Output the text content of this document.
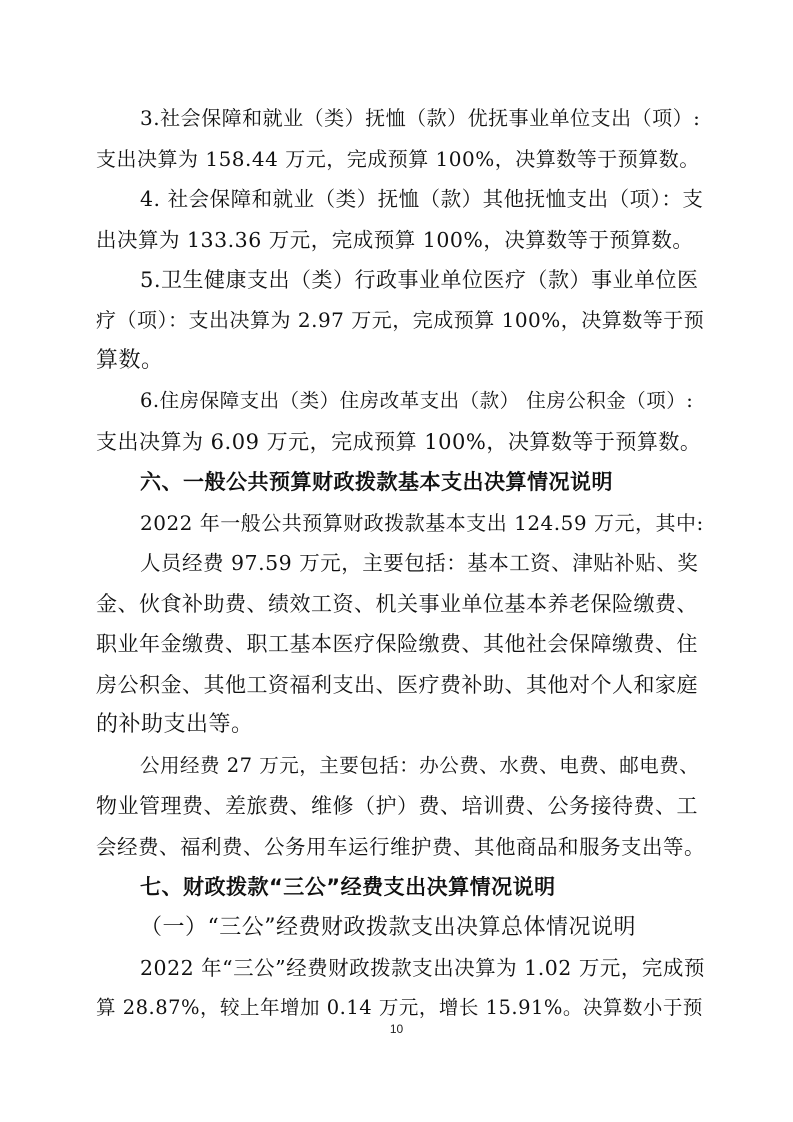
3.社会保障和就业（类）抚恤（款）优抚事业单位支出（项）:
支出决算为 158.44 万元，完成预算 100%，决算数等于预算数。
4. 社会保障和就业（类）抚恤（款）其他抚恤支出（项）：支
出决算为 133.36 万元，完成预算 100%，决算数等于预算数。
5.卫生健康支出（类）行政事业单位医疗（款）事业单位医
疗（项）：支出决算为 2.97 万元，完成预算 100%，决算数等于预
算数。
6.住房保障支出（类）住房改革支出（款） 住房公积金（项）:
支出决算为 6.09 万元，完成预算 100%，决算数等于预算数。
六、一般公共预算财政拨款基本支出决算情况说明
2022 年一般公共预算财政拨款基本支出 124.59 万元，其中:
人员经费 97.59 万元，主要包括：基本工资、津贴补贴、奖
金、伙食补助费、绩效工资、机关事业单位基本养老保险缴费、
职业年金缴费、职工基本医疗保险缴费、其他社会保障缴费、住
房公积金、其他工资福利支出、医疗费补助、其他对个人和家庭
的补助支出等。
公用经费 27 万元，主要包括：办公费、水费、电费、邮电费、
物业管理费、差旅费、维修（护）费、培训费、公务接待费、工
会经费、福利费、公务用车运行维护费、其他商品和服务支出等。
七、财政拨款“三公”经费支出决算情况说明
（一）“三公”经费财政拨款支出决算总体情况说明
2022 年“三公”经费财政拨款支出决算为 1.02 万元，完成预
算 28.87%，较上年增加 0.14 万元，增长 15.91%。决算数小于预
10
